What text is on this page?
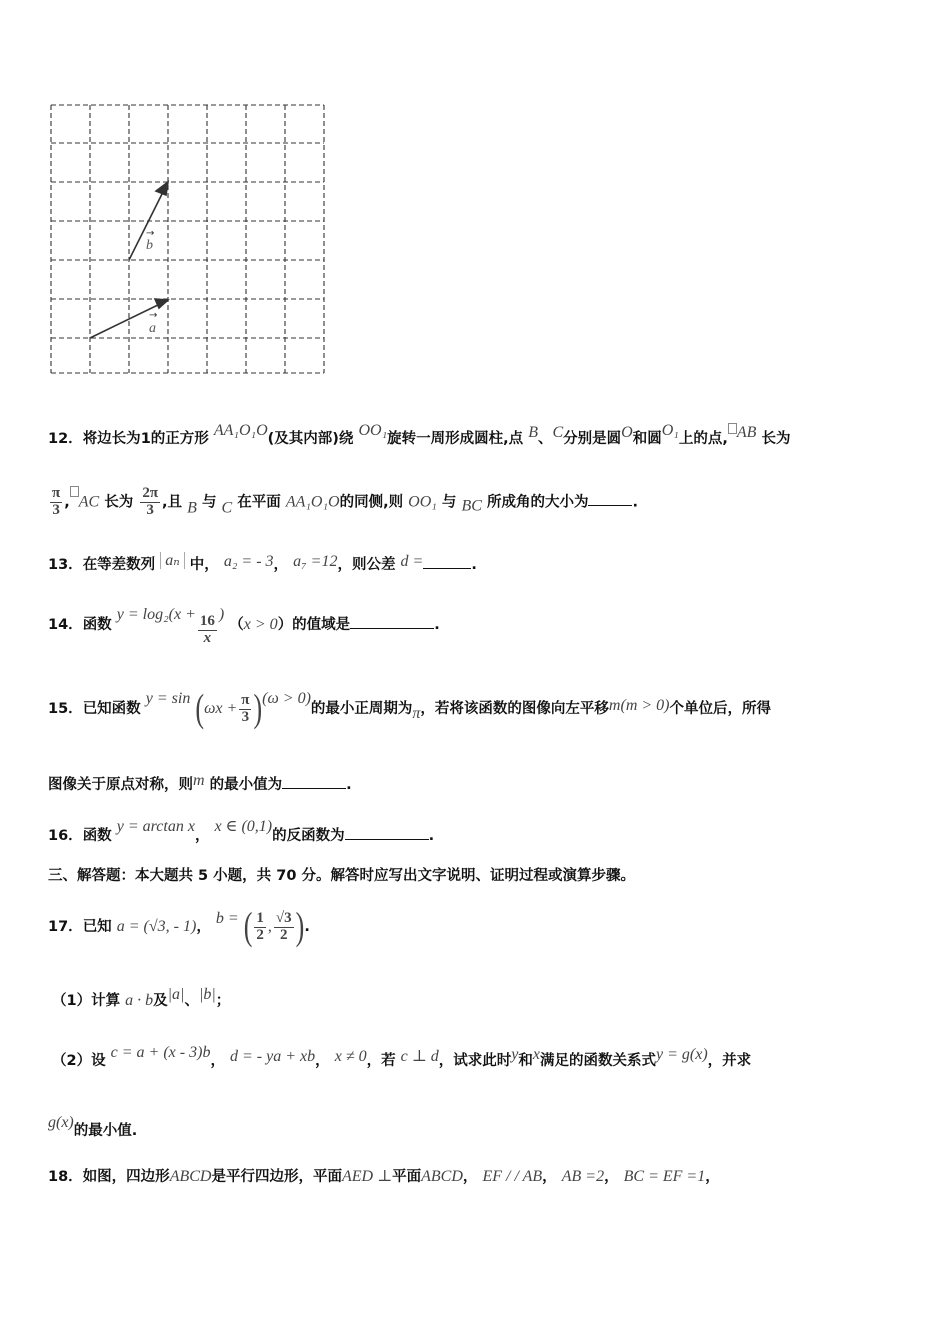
→
b
→
a
12．将边长为1的正方形 AA₁O₁O(及其内部)绕 OO₁旋转一周形成圆柱,点 B、C分别是圆O和圆O₁上的点, AB 长为
$\frac{\pi}{3}$ , AC 长为 $\frac{2\pi}{3}$ ,且 B 与 C 在平面 AA₁O₁O的同侧,则 OO₁ 与 BC 所成角的大小为	.
13．在等差数列 aₙ 中， a₂ = - 3， a₇ =12，则公差 d =	.
14．函数 $y = \log_2(x + \frac{16}{x}$ ) （x > 0）的值域是	.
15．已知函数 $y = \sin (\omega x + \frac{\pi}{3} )(\omega > 0)$的最小正周期为π，若将该函数的图像向左平移m(m > 0)个单位后，所得
图像关于原点对称，则m 的最小值为	.
16．函数 y = arctan x， x ∈ (0,1)的反函数为	.
三、解答题：本大题共 5 小题，共 70 分。解答时应写出文字说明、证明过程或演算步骤。
17．已知 a = (√3, - 1)， b = ( $\frac{1}{2}$ , $\frac{√3}{2}$ ).
（1）计算 a · b及|a|、|b|；
（2）设 c = a + (x - 3)b， d = - ya + xb， x ≠ 0，若 c ⊥ d，试求此时y和x满足的函数关系式y = g(x)，并求
g(x)的最小值.
18．如图，四边形ABCD是平行四边形，平面AED ⊥平面ABCD， EF / / AB， AB =2， BC = EF =1，
